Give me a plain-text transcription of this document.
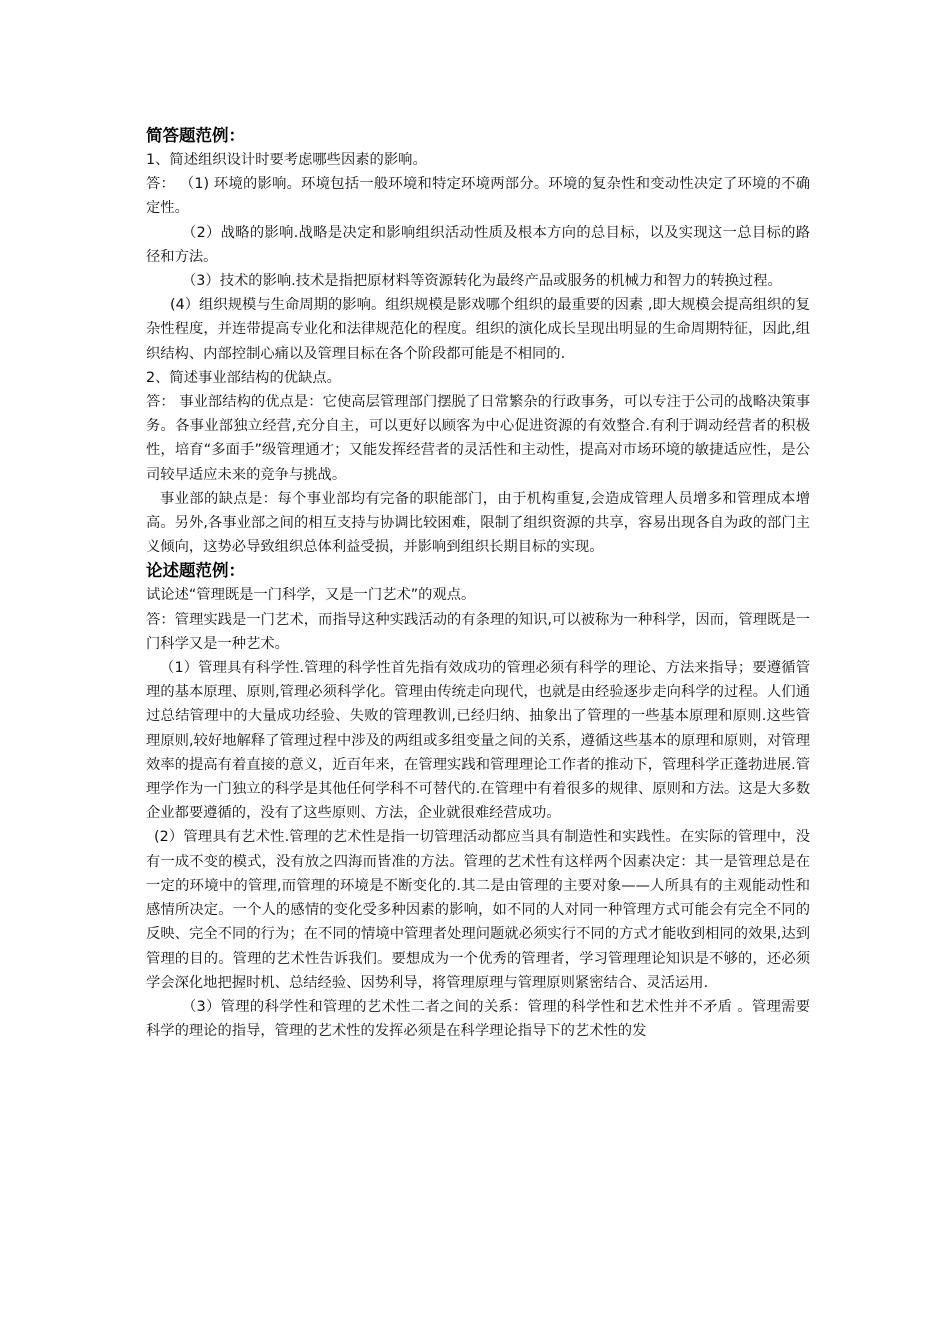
简答题范例：

1、简述组织设计时要考虑哪些因素的影响。

答： （1) 环境的影响。环境包括一般环境和特定环境两部分。环境的复杂性和变动性决定了环境的不确定性。

（2）战略的影响.战略是决定和影响组织活动性质及根本方向的总目标，以及实现这一总目标的路径和方法。

（3）技术的影响.技术是指把原材料等资源转化为最终产品或服务的机械力和智力的转换过程。

(4）组织规模与生命周期的影响。组织规模是影戏哪个组织的最重要的因素 ,即大规模会提高组织的复杂性程度，并连带提高专业化和法律规范化的程度。组织的演化成长呈现出明显的生命周期特征，因此,组织结构、内部控制心痛以及管理目标在各个阶段都可能是不相同的.

2、简述事业部结构的优缺点。

答： 事业部结构的优点是：它使高层管理部门摆脱了日常繁杂的行政事务，可以专注于公司的战略决策事务。各事业部独立经营,充分自主，可以更好以顾客为中心促进资源的有效整合.有利于调动经营者的积极性，培育“多面手”级管理通才；又能发挥经营者的灵活性和主动性，提高对市场环境的敏捷适应性，是公司较早适应未来的竞争与挑战。

事业部的缺点是：每个事业部均有完备的职能部门，由于机构重复,会造成管理人员增多和管理成本增高。另外,各事业部之间的相互支持与协调比较困难，限制了组织资源的共享，容易出现各自为政的部门主义倾向，这势必导致组织总体利益受损，并影响到组织长期目标的实现。

论述题范例：

试论述“管理既是一门科学，又是一门艺术”的观点。

答：管理实践是一门艺术，而指导这种实践活动的有条理的知识,可以被称为一种科学，因而，管理既是一门科学又是一种艺术。

（1）管理具有科学性.管理的科学性首先指有效成功的管理必须有科学的理论、方法来指导；要遵循管理的基本原理、原则,管理必须科学化。管理由传统走向现代，也就是由经验逐步走向科学的过程。人们通过总结管理中的大量成功经验、失败的管理教训,已经归纳、抽象出了管理的一些基本原理和原则.这些管理原则,较好地解释了管理过程中涉及的两组或多组变量之间的关系，遵循这些基本的原理和原则，对管理效率的提高有着直接的意义，近百年来，在管理实践和管理理论工作者的推动下，管理科学正蓬勃进展.管理学作为一门独立的科学是其他任何学科不可替代的.在管理中有着很多的规律、原则和方法。这是大多数企业都要遵循的，没有了这些原则、方法，企业就很难经营成功。

(2）管理具有艺术性.管理的艺术性是指一切管理活动都应当具有制造性和实践性。在实际的管理中，没有一成不变的模式，没有放之四海而皆准的方法。管理的艺术性有这样两个因素决定：其一是管理总是在一定的环境中的管理,而管理的环境是不断变化的.其二是由管理的主要对象——人所具有的主观能动性和感情所决定。一个人的感情的变化受多种因素的影响，如不同的人对同一种管理方式可能会有完全不同的反映、完全不同的行为；在不同的情境中管理者处理问题就必须实行不同的方式才能收到相同的效果,达到管理的目的。管理的艺术性告诉我们。要想成为一个优秀的管理者，学习管理理论知识是不够的，还必须学会深化地把握时机、总结经验、因势利导，将管理原理与管理原则紧密结合、灵活运用.

（3）管理的科学性和管理的艺术性二者之间的关系：管理的科学性和艺术性并不矛盾 。管理需要科学的理论的指导，管理的艺术性的发挥必须是在科学理论指导下的艺术性的发
